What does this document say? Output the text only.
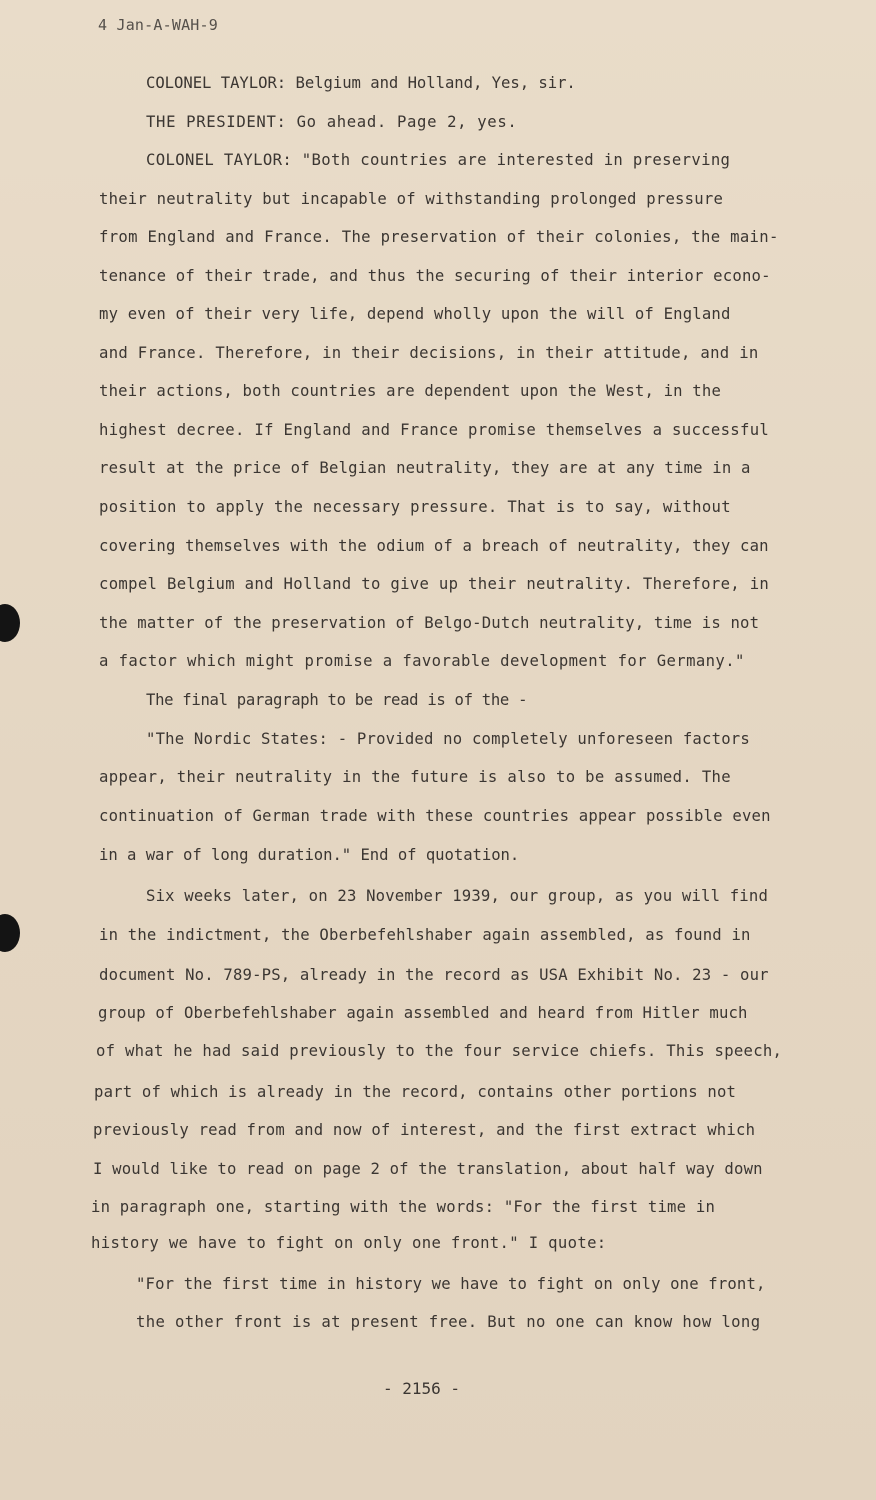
4 Jan-A-WAH-9
COLONEL TAYLOR: Belgium and Holland, Yes, sir.
THE PRESIDENT: Go ahead. Page 2, yes.
COLONEL TAYLOR: "Both countries are interested in preserving
their neutrality but incapable of withstanding prolonged pressure
from England and France. The preservation of their colonies, the main-
tenance of their trade, and thus the securing of their interior econo-
my even of their very life, depend wholly upon the will of England
and France. Therefore, in their decisions, in their attitude, and in
their actions, both countries are dependent upon the West, in the
highest decree. If England and France promise themselves a successful
result at the price of Belgian neutrality, they are at any time in a
position to apply the necessary pressure. That is to say, without
covering themselves with the odium of a breach of neutrality, they can
compel Belgium and Holland to give up their neutrality. Therefore, in
the matter of the preservation of Belgo-Dutch neutrality, time is not
a factor which might promise a favorable development for Germany."
The final paragraph to be read is of the -
"The Nordic States: - Provided no completely unforeseen factors
appear, their neutrality in the future is also to be assumed. The
continuation of German trade with these countries appear possible even
in a war of long duration." End of quotation.
Six weeks later, on 23 November 1939, our group, as you will find
in the indictment, the Oberbefehlshaber again assembled, as found in
document No. 789-PS, already in the record as USA Exhibit No. 23 - our
group of Oberbefehlshaber again assembled and heard from Hitler much
of what he had said previously to the four service chiefs. This speech,
part of which is already in the record, contains other portions not
previously read from and now of interest, and the first extract which
I would like to read on page 2 of the translation, about half way down
in paragraph one, starting with the words: "For the first time in
history we have to fight on only one front." I quote:
"For the first time in history we have to fight on only one front,
the other front is at present free. But no one can know how long
- 2156 -
